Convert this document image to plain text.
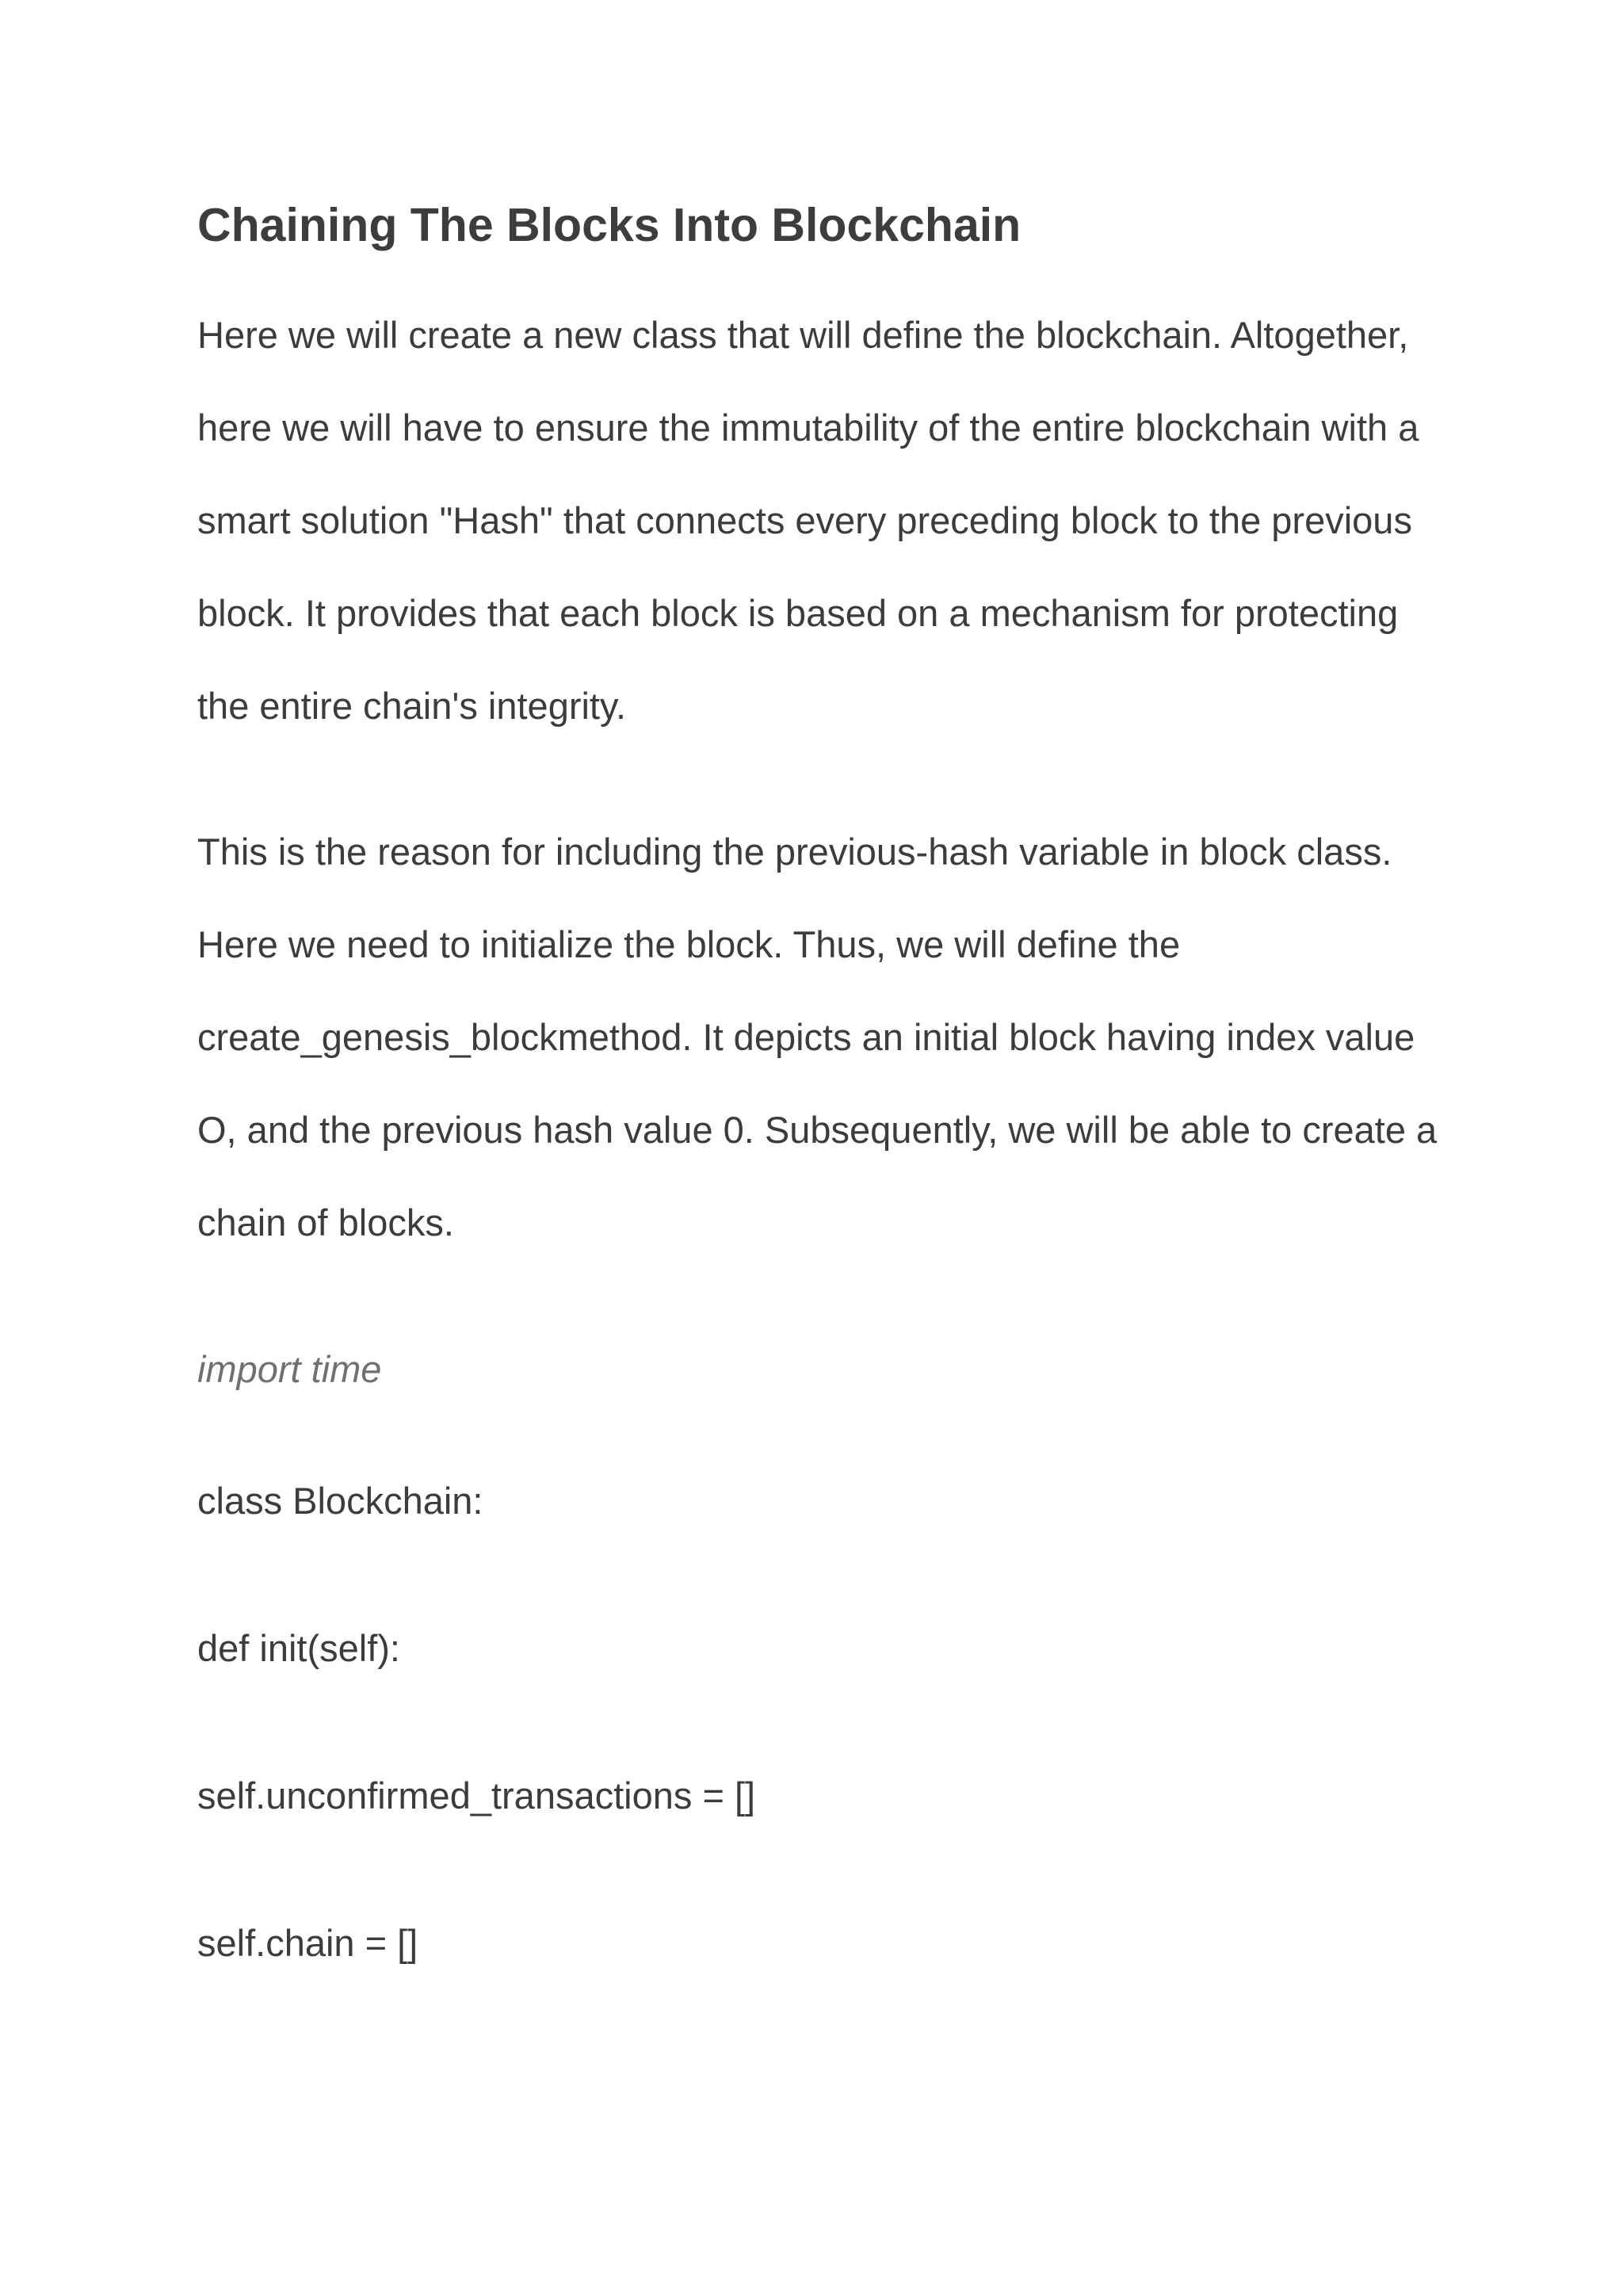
Chaining The Blocks Into Blockchain

Here we will create a new class that will define the blockchain. Altogether,
here we will have to ensure the immutability of the entire blockchain with a
smart solution "Hash" that connects every preceding block to the previous
block. It provides that each block is based on a mechanism for protecting
the entire chain's integrity.

This is the reason for including the previous-hash variable in block class.
Here we need to initialize the block. Thus, we will define the
create_genesis_blockmethod. It depicts an initial block having index value
O, and the previous hash value 0. Subsequently, we will be able to create a
chain of blocks.

import time
class Blockchain:
def init(self):
self.unconfirmed_transactions = []
self.chain = []
